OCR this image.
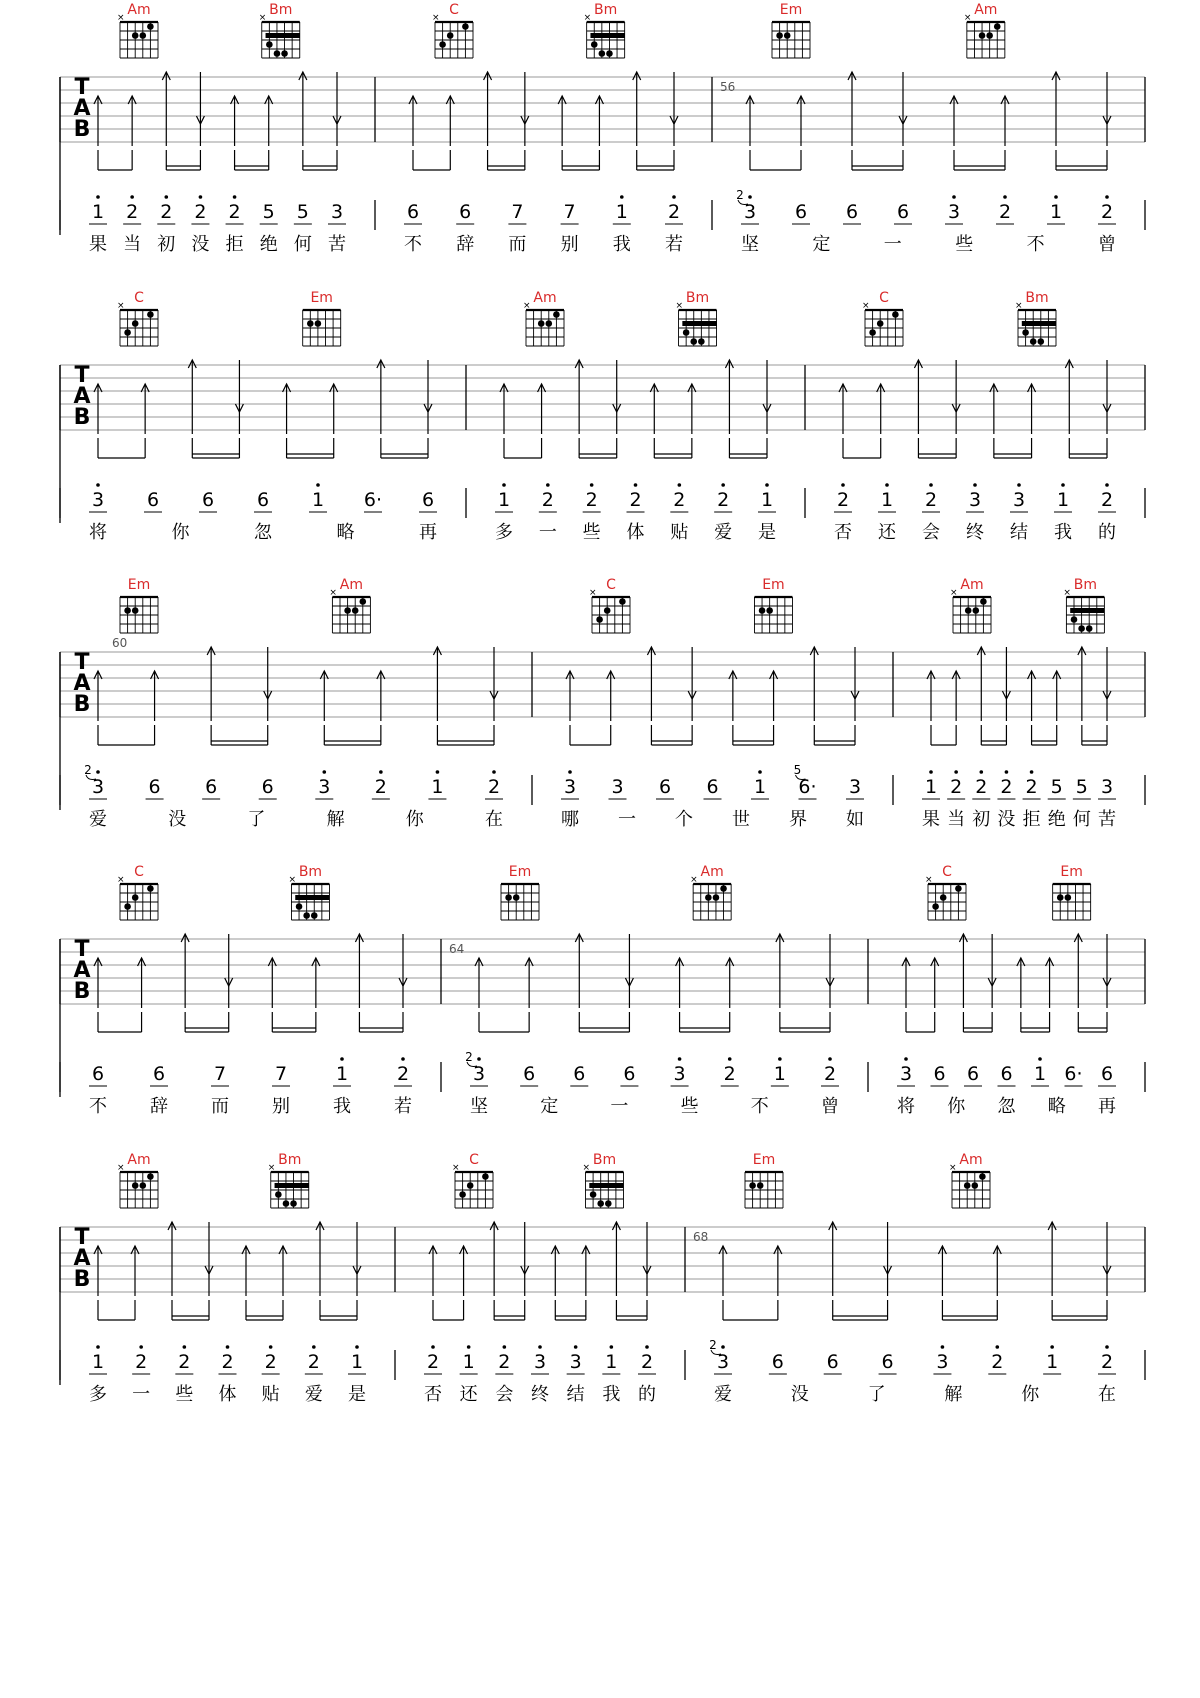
T
A
B
Am
×	Bm
×
1 2 2 2 2 5 5 3
果 当 初 没 拒 绝 何 苦
C
×	Bm
×
6 6 7 7 1 2
不 辞 而 别 我 若
56
Em	Am
×
3
2
6 6 6 3 2 1 2
坚	定	一	些	不	曾
T
A
B
C
×	Em
3 6 6 6 1 6· 6
将	你	忽	略	再
Am
×	Bm
×
1 2 2 2 2 2 1
多 一 些 体 贴 爱 是
C
×	Bm
×
2 1 2 3 3 1 2
否 还 会 终 结 我 的
T
A
B
60
Em	Am
×
3
2
6 6 6 3 2 1 2
爱	没	了	解	你	在
C
×	Em
3 3 6 6 1 6·
5
3
哪 一 个 世 界 如
Am
×	Bm
×
1 2 2 2 2 5 5 3
果 当 初 没 拒 绝 何 苦
T
A
B
C
×	Bm
×
6	6	7	7	1	2
不 辞 而 别 我 若
64
Em	Am
×
3
2
6 6 6 3 2 1 2
坚	定	一	些	不	曾
C
×	Em
3 6 6 6 1 6· 6
将 你 忽 略 再
T
A
B
Am
×	Bm
×
1 2 2 2 2 2 1
多 一 些 体 贴 爱 是
C
×	Bm
×
2 1 2 3 3 1 2
否 还 会 终 结 我 的
68
Em	Am
×
3
2
6 6 6 3 2 1 2
爱	没	了	解	你	在
